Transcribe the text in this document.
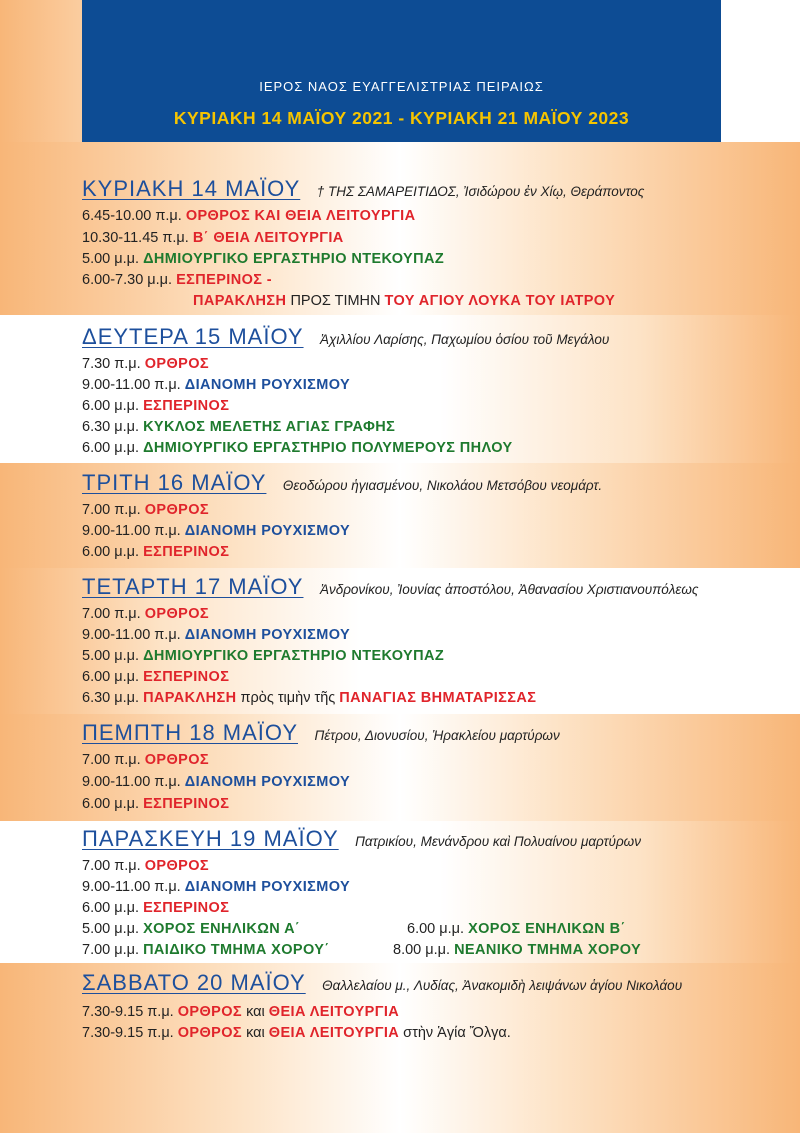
ΙΕΡΟΣ ΝΑΟΣ ΕΥΑΓΓΕΛΙΣΤΡΙΑΣ ΠΕΙΡΑΙΩΣ
ΚΥΡΙΑΚΗ 14 ΜΑΪΟΥ 2021 - ΚΥΡΙΑΚΗ 21 ΜΑΪΟΥ 2023
ΚΥΡΙΑΚΗ 14 ΜΑΪΟΥ † ΤΗΣ ΣΑΜΑΡΕΙΤΙΔΟΣ, Ἰσιδώρου ἐν Χίῳ, Θεράποντος
6.45-10.00 π.μ. ΟΡΘΡΟΣ ΚΑΙ ΘΕΙΑ ΛΕΙΤΟΥΡΓΙΑ
10.30-11.45 π.μ. Β΄ ΘΕΙΑ ΛΕΙΤΟΥΡΓΙΑ
5.00 μ.μ. ΔΗΜΙΟΥΡΓΙΚΟ ΕΡΓΑΣΤΗΡΙΟ ΝΤΕΚΟΥΠΑΖ
6.00-7.30 μ.μ. ΕΣΠΕΡΙΝΟΣ -
ΠΑΡΑΚΛΗΣΗ ΠΡΟΣ ΤΙΜΗΝ ΤΟΥ ΑΓΙΟΥ ΛΟΥΚΑ ΤΟΥ ΙΑΤΡΟΥ
ΔΕΥΤΕΡΑ 15 ΜΑΪΟΥ Ἀχιλλίου Λαρίσης, Παχωμίου ὁσίου τοῦ Μεγάλου
7.30 π.μ. ΟΡΘΡΟΣ
9.00-11.00 π.μ. ΔΙΑΝΟΜΗ ΡΟΥΧΙΣΜΟΥ
6.00 μ.μ. ΕΣΠΕΡΙΝΟΣ
6.30 μ.μ. ΚΥΚΛΟΣ ΜΕΛΕΤΗΣ ΑΓΙΑΣ ΓΡΑΦΗΣ
6.00 μ.μ. ΔΗΜΙΟΥΡΓΙΚΟ ΕΡΓΑΣΤΗΡΙΟ ΠΟΛΥΜΕΡΟΥΣ ΠΗΛΟΥ
ΤΡΙΤΗ 16 ΜΑΪΟΥ Θεοδώρου ἡγιασμένου, Νικολάου Μετσόβου νεομάρτ.
7.00 π.μ. ΟΡΘΡΟΣ
9.00-11.00 π.μ. ΔΙΑΝΟΜΗ ΡΟΥΧΙΣΜΟΥ
6.00 μ.μ. ΕΣΠΕΡΙΝΟΣ
ΤΕΤΑΡΤΗ 17 ΜΑΪΟΥ Ἀνδρονίκου, Ἰουνίας ἀποστόλου, Ἀθανασίου Χριστιανουπόλεως
7.00 π.μ. ΟΡΘΡΟΣ
9.00-11.00 π.μ. ΔΙΑΝΟΜΗ ΡΟΥΧΙΣΜΟΥ
5.00 μ.μ. ΔΗΜΙΟΥΡΓΙΚΟ ΕΡΓΑΣΤΗΡΙΟ ΝΤΕΚΟΥΠΑΖ
6.00 μ.μ. ΕΣΠΕΡΙΝΟΣ
6.30 μ.μ. ΠΑΡΑΚΛΗΣΗ πρὸς τιμὴν τῆς ΠΑΝΑΓΙΑΣ ΒΗΜΑΤΑΡΙΣΣΑΣ
ΠΕΜΠΤΗ 18 ΜΑΪΟΥ Πέτρου, Διονυσίου, Ἡρακλείου μαρτύρων
7.00 π.μ. ΟΡΘΡΟΣ
9.00-11.00 π.μ. ΔΙΑΝΟΜΗ ΡΟΥΧΙΣΜΟΥ
6.00 μ.μ. ΕΣΠΕΡΙΝΟΣ
ΠΑΡΑΣΚΕΥΗ 19 ΜΑΪΟΥ Πατρικίου, Μενάνδρου καὶ Πολυαίνου μαρτύρων
7.00 π.μ. ΟΡΘΡΟΣ
9.00-11.00 π.μ. ΔΙΑΝΟΜΗ ΡΟΥΧΙΣΜΟΥ
6.00 μ.μ. ΕΣΠΕΡΙΝΟΣ
5.00 μ.μ. ΧΟΡΟΣ ΕΝΗΛΙΚΩΝ Α΄	6.00 μ.μ. ΧΟΡΟΣ ΕΝΗΛΙΚΩΝ Β΄
7.00 μ.μ. ΠΑΙΔΙΚΟ ΤΜΗΜΑ ΧΟΡΟΥ΄	8.00 μ.μ. ΝΕΑΝΙΚΟ ΤΜΗΜΑ ΧΟΡΟΥ
ΣΑΒΒΑΤΟ 20 ΜΑΪΟΥ Θαλλελαίου μ., Λυδίας, Ἀνακομιδὴ λειψάνων ἁγίου Νικολάου
7.30-9.15 π.μ. ΟΡΘΡΟΣ και ΘΕΙΑ ΛΕΙΤΟΥΡΓΙΑ
7.30-9.15 π.μ. ΟΡΘΡΟΣ και ΘΕΙΑ ΛΕΙΤΟΥΡΓΙΑ στὴν Ἁγία Ὄλγα.
